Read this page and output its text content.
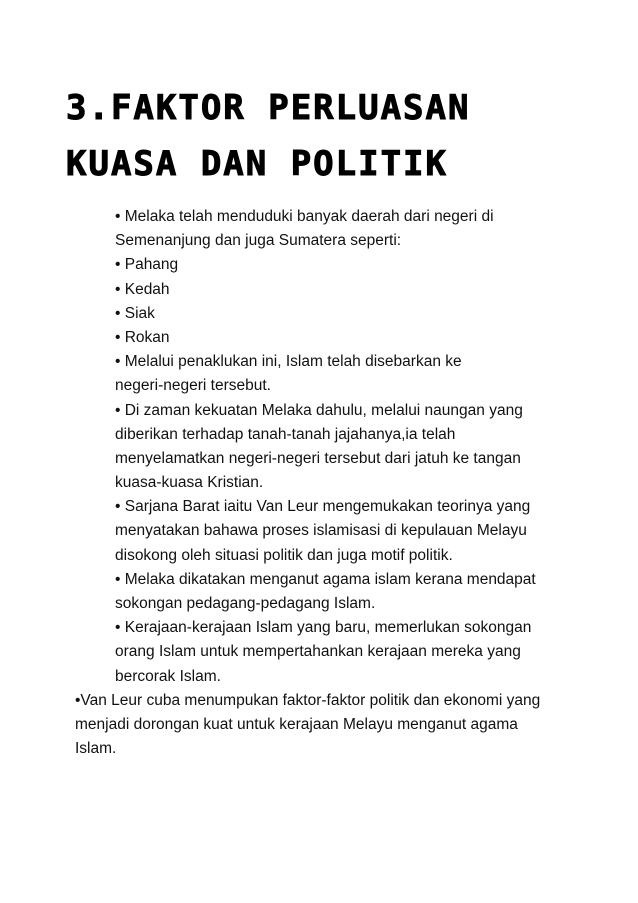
3.FAKTOR PERLUASAN
KUASA DAN POLITIK
• Melaka telah menduduki banyak daerah dari negeri di
Semenanjung dan juga Sumatera seperti:
• Pahang
• Kedah
• Siak
• Rokan
• Melalui penaklukan ini, Islam telah disebarkan ke
negeri-negeri tersebut.
• Di zaman kekuatan Melaka dahulu, melalui naungan yang
diberikan terhadap tanah-tanah jajahanya,ia telah
menyelamatkan negeri-negeri tersebut dari jatuh ke tangan
kuasa-kuasa Kristian.
• Sarjana Barat iaitu Van Leur mengemukakan teorinya yang
menyatakan bahawa proses islamisasi di kepulauan Melayu
disokong oleh situasi politik dan juga motif politik.
• Melaka dikatakan menganut agama islam kerana mendapat
sokongan pedagang-pedagang Islam.
• Kerajaan-kerajaan Islam yang baru, memerlukan sokongan
orang Islam untuk mempertahankan kerajaan mereka yang
bercorak Islam.
•Van Leur cuba menumpukan faktor-faktor politik dan ekonomi yang
menjadi dorongan kuat untuk kerajaan Melayu menganut agama
Islam.
